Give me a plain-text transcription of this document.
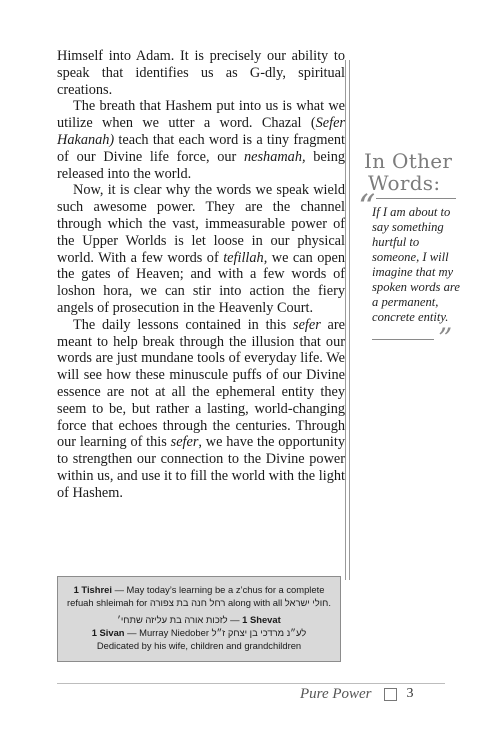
Himself into Adam. It is precisely our ability to speak that identifies us as G-dly, spiritual creations.

The breath that Hashem put into us is what we utilize when we utter a word. Chazal (Sefer Hakanah) teach that each word is a tiny fragment of our Divine life force, our neshamah, being released into the world.

Now, it is clear why the words we speak wield such awesome power. They are the channel through which the vast, immeasurable power of the Upper Worlds is let loose in our physical world. With a few words of tefillah, we can open the gates of Heaven; and with a few words of loshon hora, we can stir into action the fiery angels of prosecution in the Heavenly Court.

The daily lessons contained in this sefer are meant to help break through the illusion that our words are just mundane tools of everyday life. We will see how these minuscule puffs of our Divine essence are not at all the ephemeral entity they seem to be, but rather a lasting, world-changing force that echoes through the centuries. Through our learning of this sefer, we have the opportunity to strengthen our connection to the Divine power within us, and use it to fill the world with the light of Hashem.

In Other
Words:
“
If I am about to say something hurtful to someone, I will imagine that my spoken words are a permanent, concrete entity.
”
1 Tishrei — May today’s learning be a z’chus for a complete refuah shleimah for רחל חנה בת צפורה along with all חולי ישראל.
לזכות אורה בת עליזה שתחי׳ — 1 Shevat
1 Sivan — Murray Niedober לע״נ מרדכי בן יצחק ז״ל
Dedicated by his wife, children and grandchildren
Pure Power	3
